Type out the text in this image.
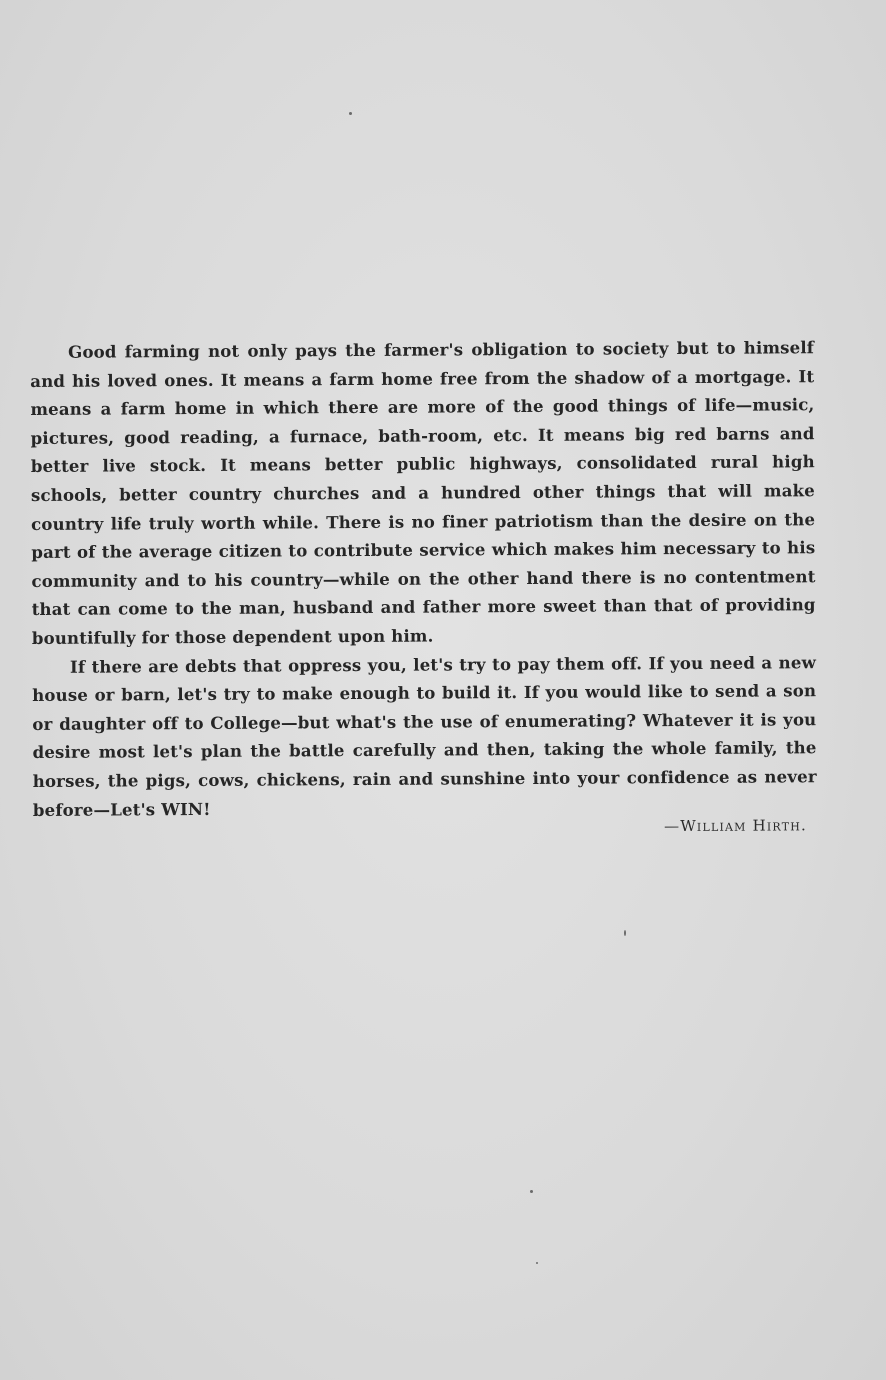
Good farming not only pays the farmer's obligation to society but to himself and his loved ones. It means a farm home free from the shadow of a mortgage. It means a farm home in which there are more of the good things of life—music, pictures, good reading, a furnace, bath-room, etc. It means big red barns and better live stock. It means better public highways, consolidated rural high schools, better country churches and a hundred other things that will make country life truly worth while. There is no finer patriotism than the desire on the part of the average citizen to contribute service which makes him necessary to his community and to his country—while on the other hand there is no contentment that can come to the man, husband and father more sweet than that of providing bountifully for those dependent upon him.

If there are debts that oppress you, let's try to pay them off. If you need a new house or barn, let's try to make enough to build it. If you would like to send a son or daughter off to College—but what's the use of enumerating? Whatever it is you desire most let's plan the battle carefully and then, taking the whole family, the horses, the pigs, cows, chickens, rain and sunshine into your confidence as never before—Let's WIN!

—William Hirth.
